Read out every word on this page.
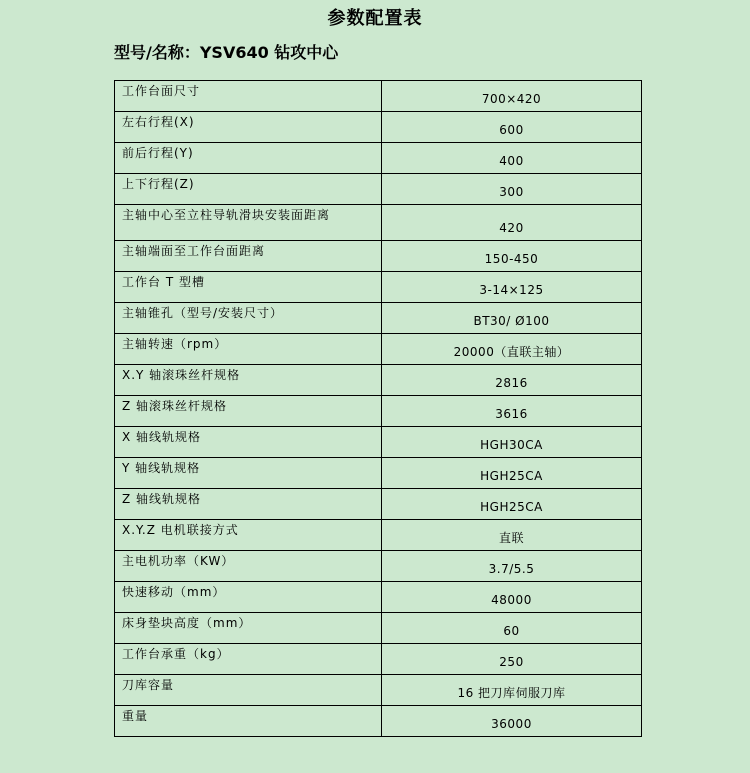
参数配置表
型号/名称：YSV640 钻攻中心
工作台面尺寸	700×420
左右行程(X)	600
前后行程(Y)	400
上下行程(Z)	300
主轴中心至立柱导轨滑块安装面距离	420
主轴端面至工作台面距离	150-450
工作台 T 型槽	3-14×125
主轴锥孔（型号/安装尺寸）	BT30/ Ø100
主轴转速（rpm）	20000（直联主轴）
X.Y 轴滚珠丝杆规格	2816
Z 轴滚珠丝杆规格	3616
X 轴线轨规格	HGH30CA
Y 轴线轨规格	HGH25CA
Z 轴线轨规格	HGH25CA
X.Y.Z 电机联接方式	直联
主电机功率（KW）	3.7/5.5
快速移动（mm）	48000
床身垫块高度（mm）	60
工作台承重（kg）	250
刀库容量	16 把刀库伺服刀库
重量	36000
